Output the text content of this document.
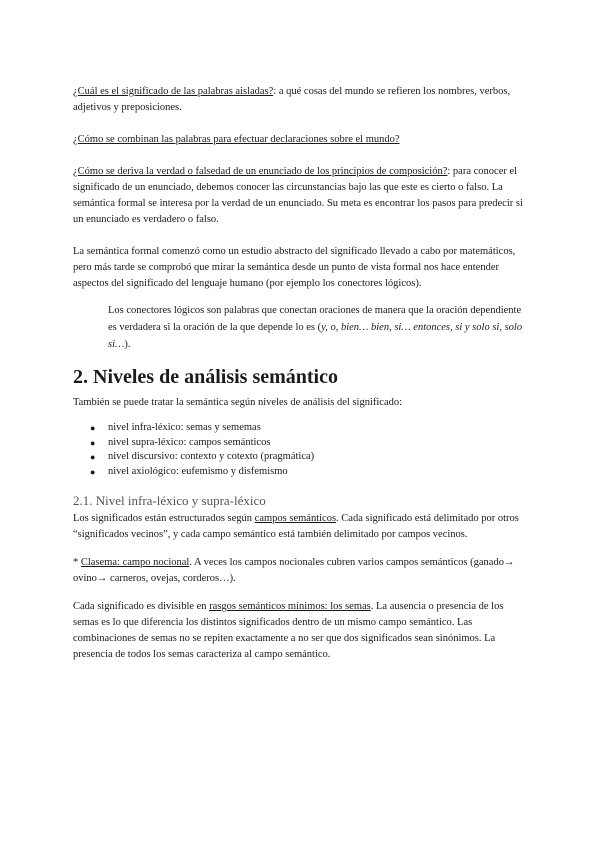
¿Cuál es el significado de las palabras aisladas?: a qué cosas del mundo se refieren los nombres, verbos, adjetivos y preposiciones.

¿Cómo se combinan las palabras para efectuar declaraciones sobre el mundo?

¿Cómo se deriva la verdad o falsedad de un enunciado de los principios de composición?: para conocer el significado de un enunciado, debemos conocer las circunstancias bajo las que este es cierto o falso. La semántica formal se interesa por la verdad de un enunciado. Su meta es encontrar los pasos para predecir si un enunciado es verdadero o falso.

La semántica formal comenzó como un estudio abstracto del significado llevado a cabo por matemáticos, pero más tarde se comprobó que mirar la semántica desde un punto de vista formal nos hace entender aspectos del significado del lenguaje humano (por ejemplo los conectores lógicos).

Los conectores lógicos son palabras que conectan oraciones de manera que la oración dependiente es verdadera si la oración de la que depende lo es (y, o, bien… bien, si… entonces, si y solo si, solo si…).

2. Niveles de análisis semántico

También se puede tratar la semántica según niveles de análisis del significado:

● nivel infra-léxico: semas y sememas
● nivel supra-léxico: campos semánticos
● nivel discursivo: contexto y cotexto (pragmática)
● nivel axiológico: eufemismo y disfemismo
2.1. Nivel infra-léxico y supra-léxico

Los significados están estructurados según campos semánticos. Cada significado está delimitado por otros “significados vecinos”, y cada campo semántico está también delimitado por campos vecinos.

* Clasema: campo nocional. A veces los campos nocionales cubren varios campos semánticos (ganado→ ovino→ carneros, ovejas, corderos…).

Cada significado es divisible en rasgos semánticos mínimos: los semas. La ausencia o presencia de los semas es lo que diferencia los distintos significados dentro de un mismo campo semántico. Las combinaciones de semas no se repiten exactamente a no ser que dos significados sean sinónimos. La presencia de todos los semas caracteriza al campo semántico.
